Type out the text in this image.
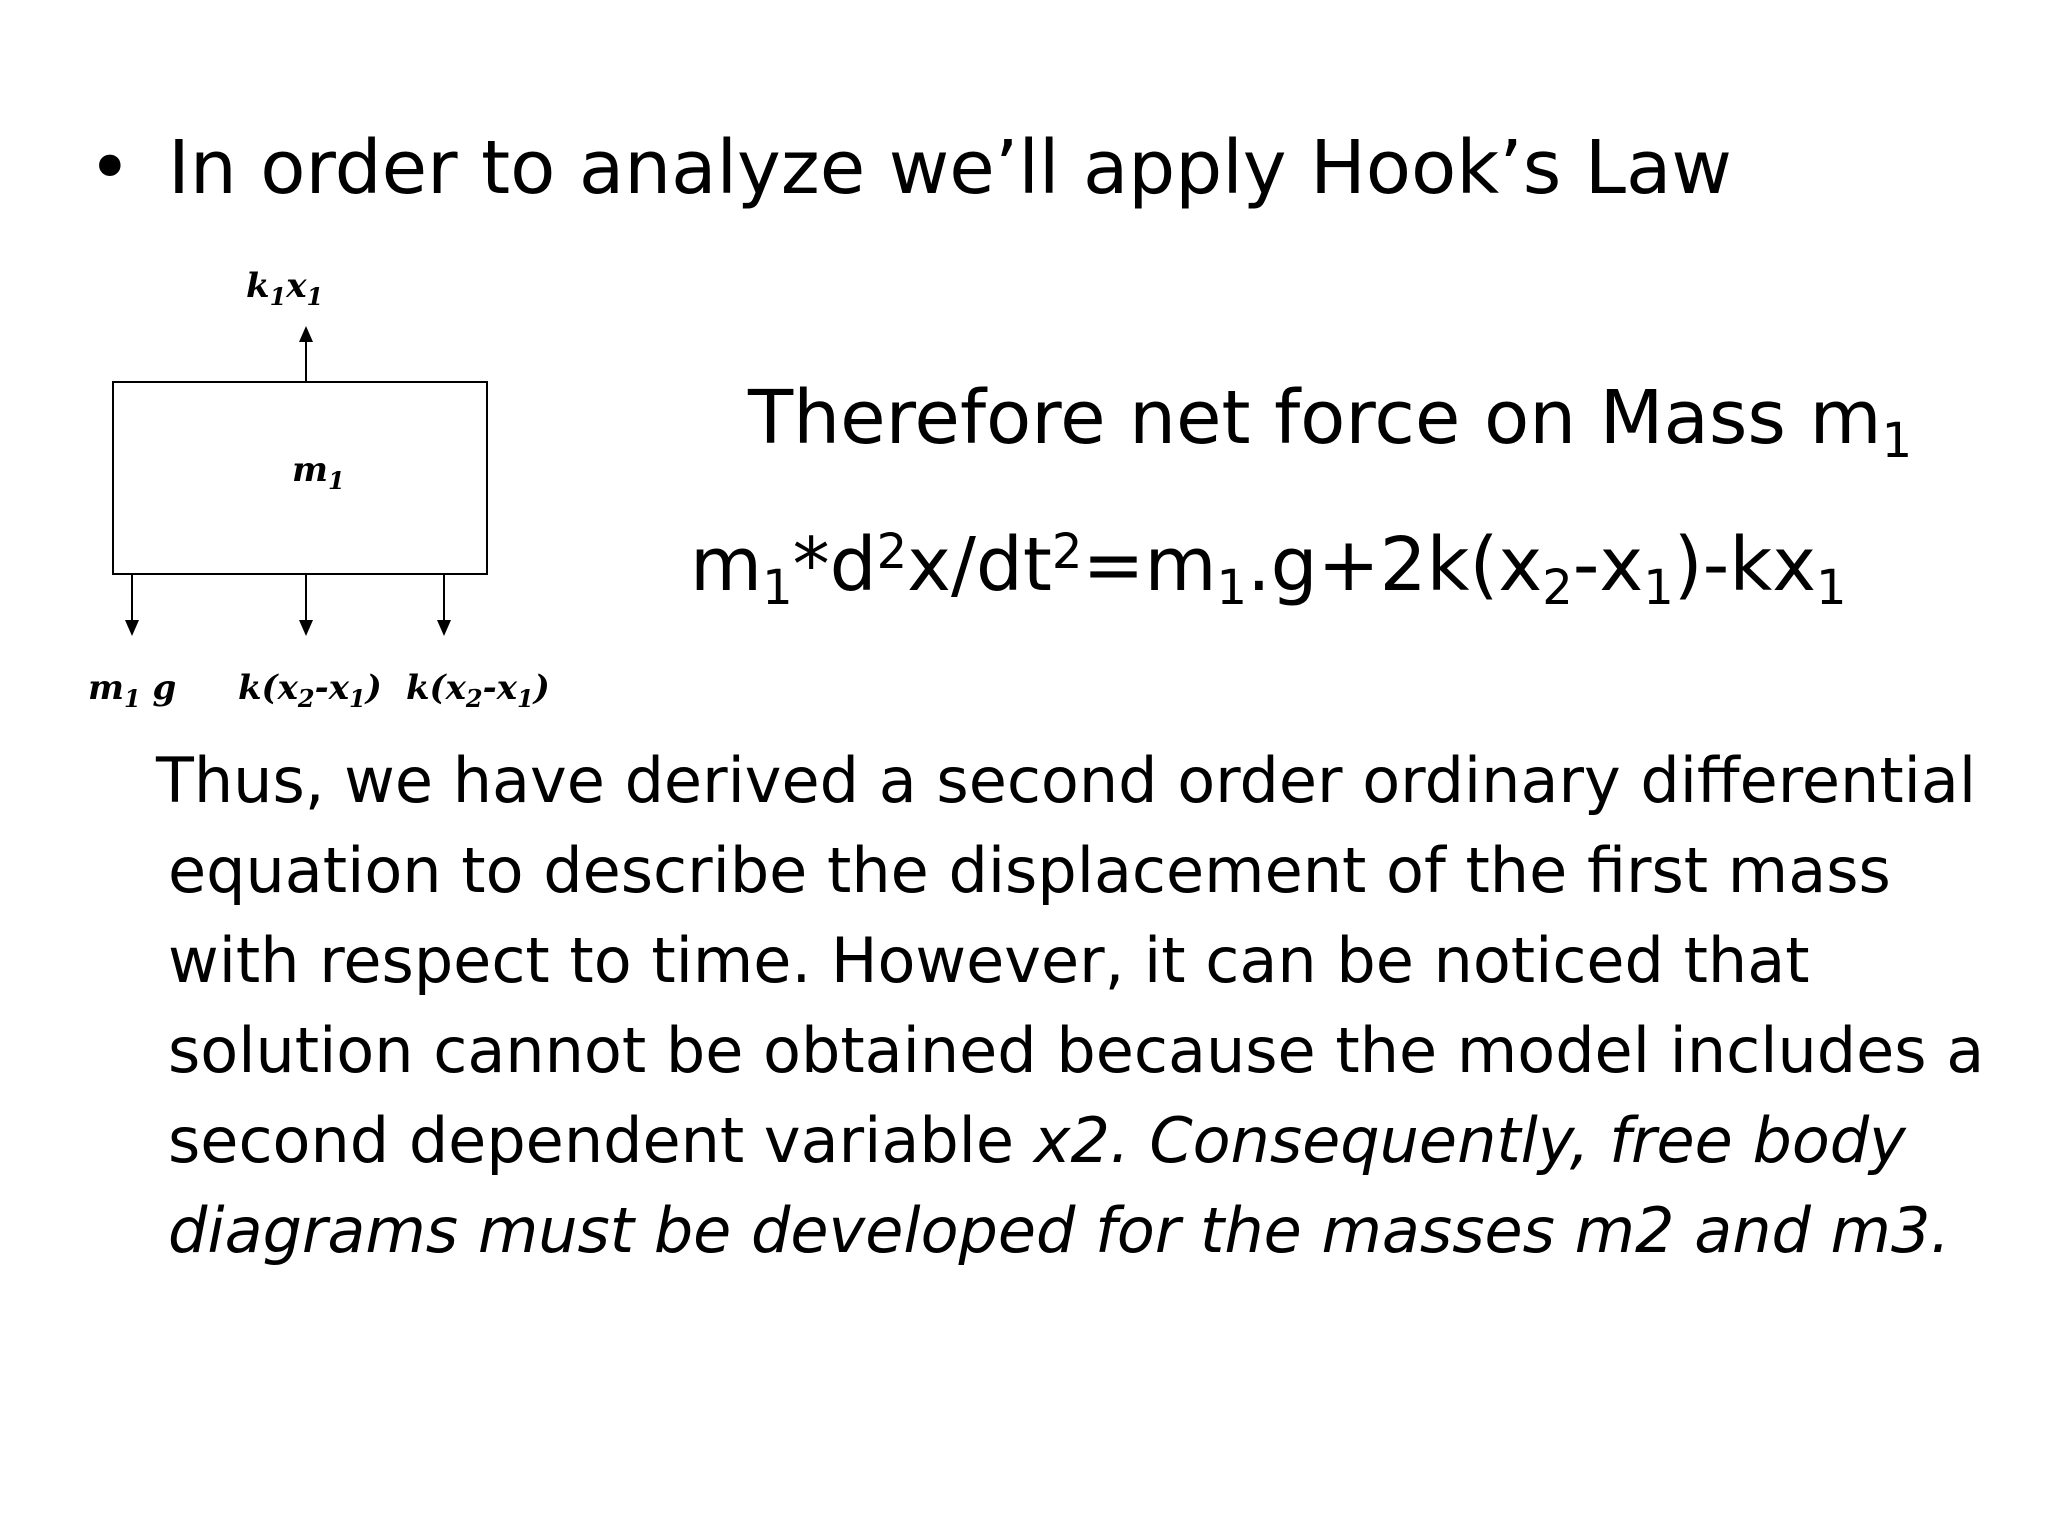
• In order to analyze we’ll apply Hook’s Law
$k_1x_1$
$m_1$
$m_1$ g $k(x_2-x_1)$ $k(x_2-x_1)$
Therefore net force on Mass $m_1$
$m_1*d^2x/dt^2=m_1.g+2k(x_2-x_1)-kx_1$
Thus, we have derived a second order ordinary differential
equation to describe the displacement of the first mass
with respect to time. However, it can be noticed that
solution cannot be obtained because the model includes a
second dependent variable x2. Consequently, free body
diagrams must be developed for the masses m2 and m3.
